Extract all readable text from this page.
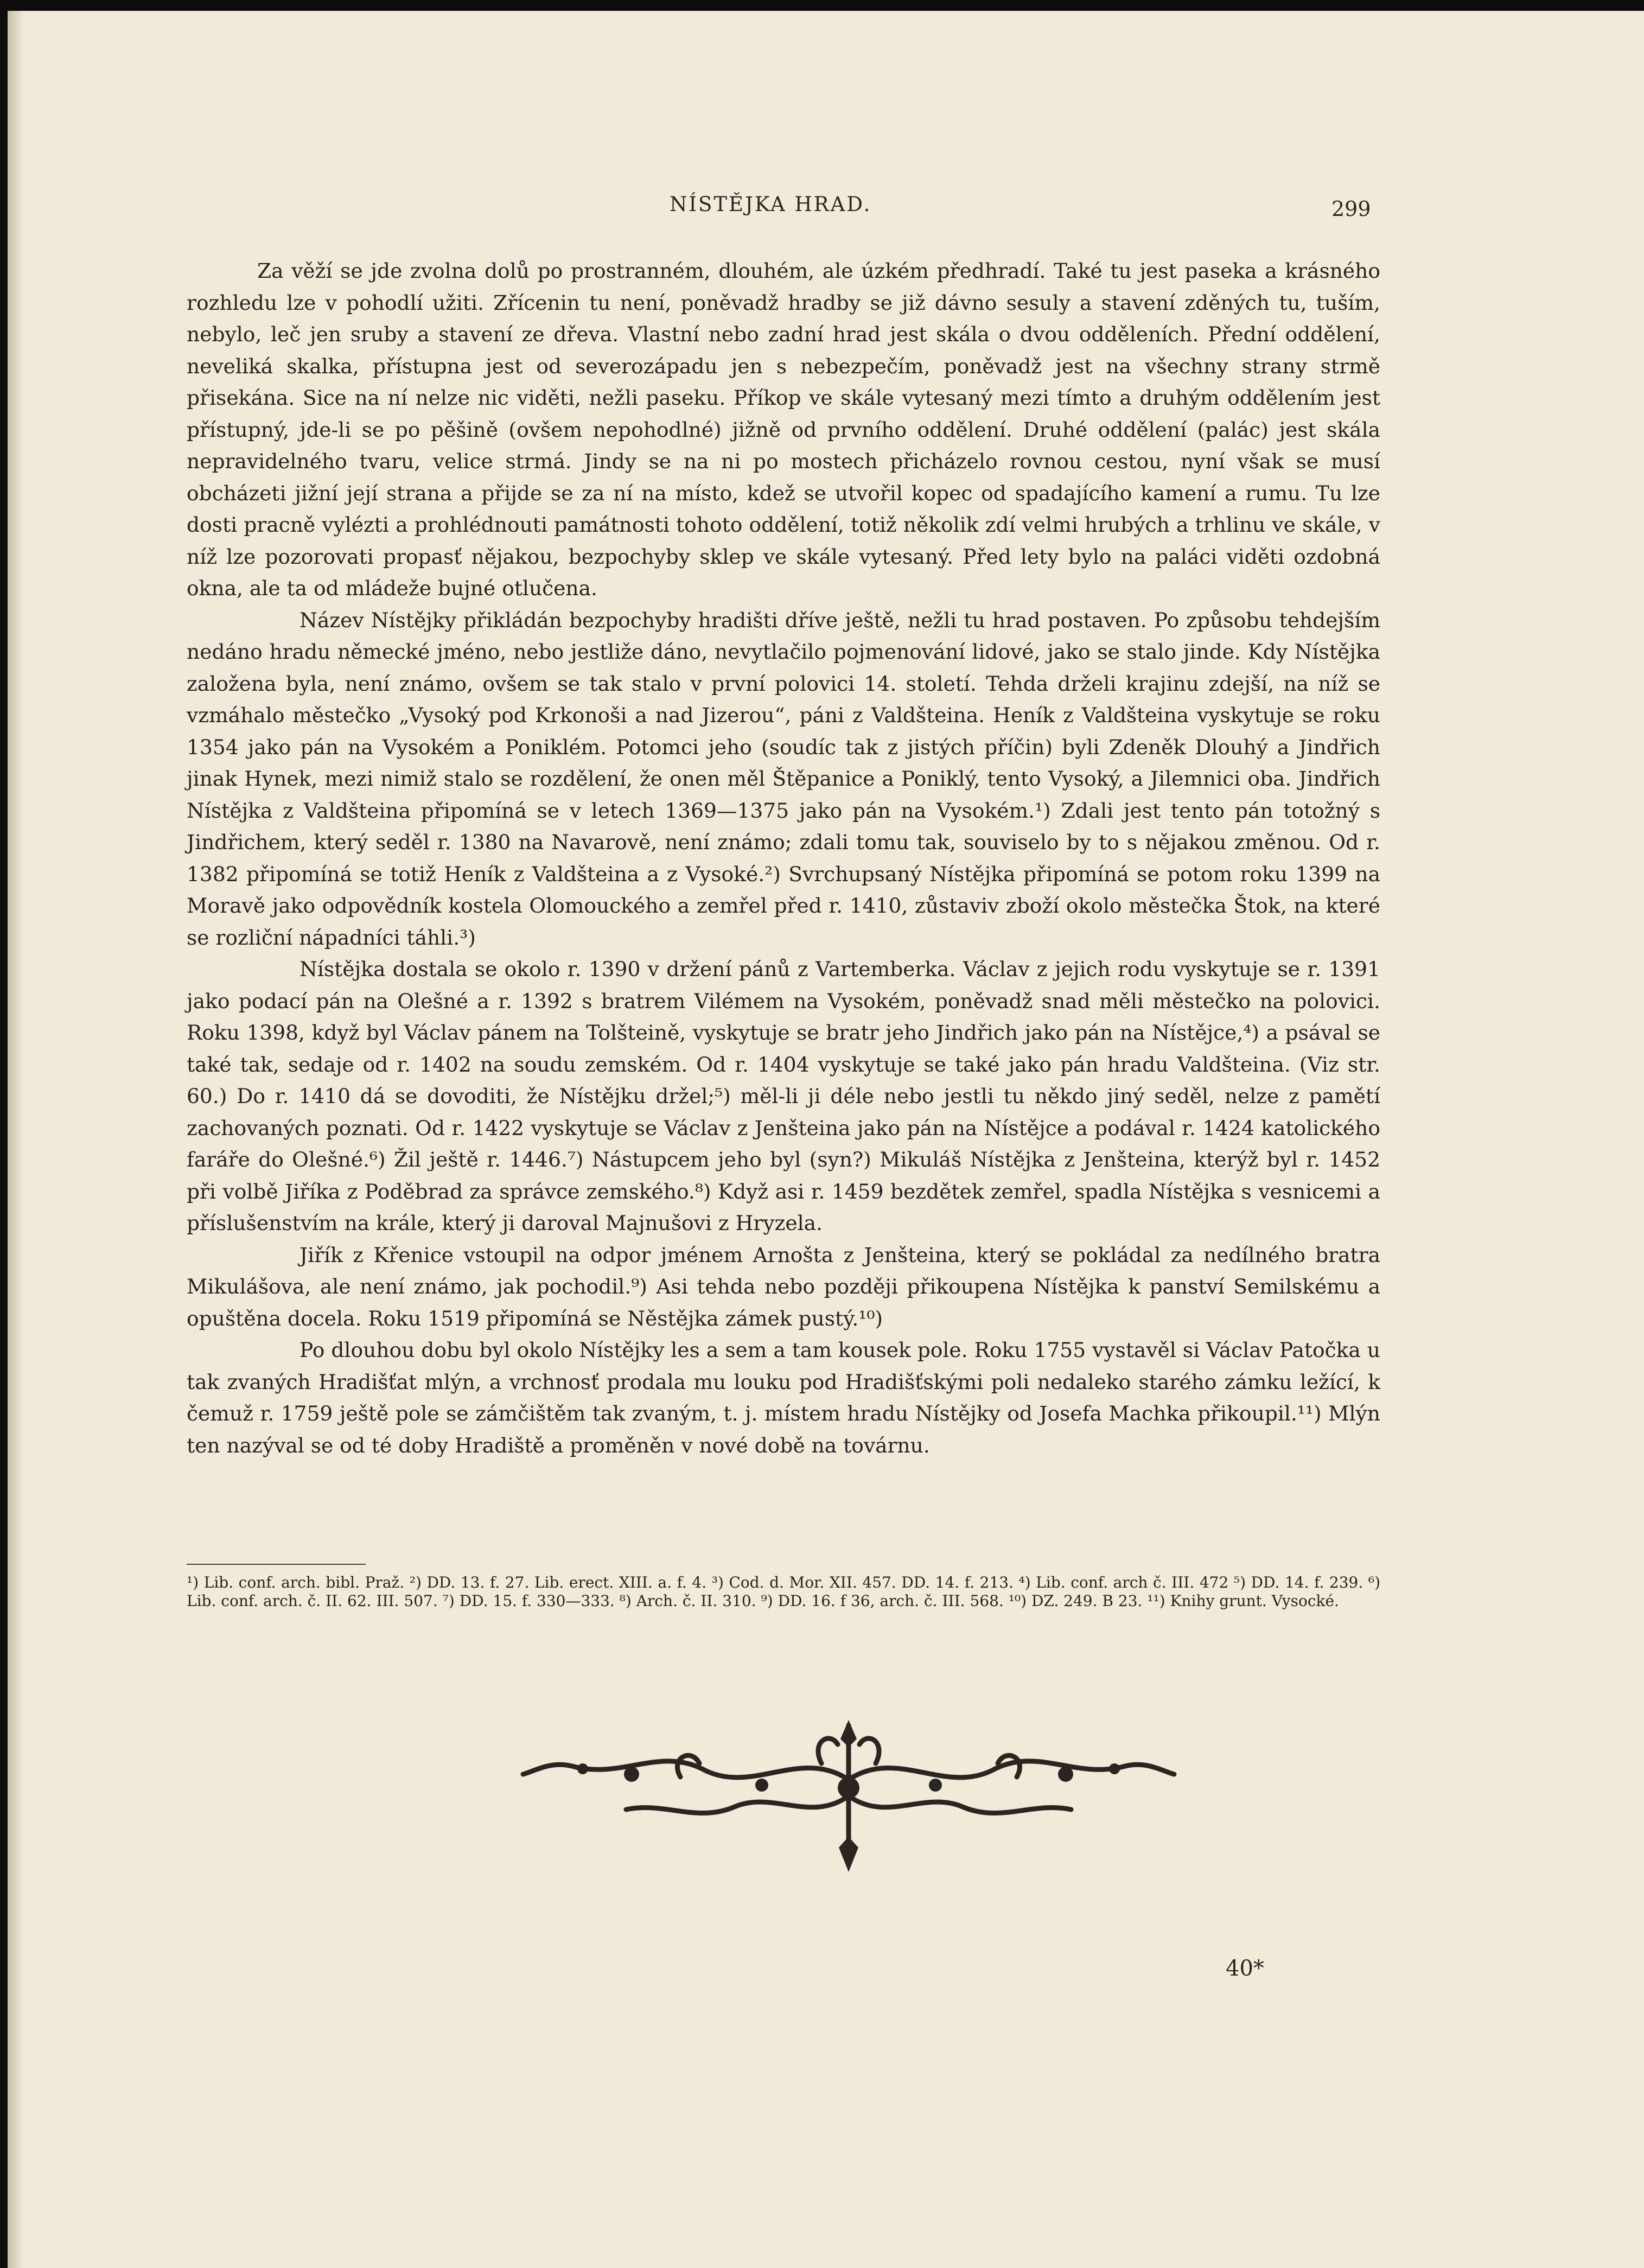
NÍSTĚJKA HRAD.	299

Za věží se jde zvolna dolů po prostranném, dlouhém, ale úzkém předhradí. Také tu jest paseka a krásného rozhledu lze v pohodlí užiti. Zřícenin tu není, poněvadž hradby se již dávno sesuly a stavení zděných tu, tuším, nebylo, leč jen sruby a stavení ze dřeva. Vlastní nebo zadní hrad jest skála o dvou odděleních. Přední oddělení, neveliká skalka, přístupna jest od severozápadu jen s nebezpečím, poněvadž jest na všechny strany strmě přisekána. Sice na ní nelze nic viděti, nežli paseku. Příkop ve skále vytesaný mezi tímto a druhým oddělením jest přístupný, jde-li se po pěšině (ovšem nepohodlné) jižně od prvního oddělení. Druhé oddělení (palác) jest skála nepravidelného tvaru, velice strmá. Jindy se na ni po mostech přicházelo rovnou cestou, nyní však se musí obcházeti jižní její strana a přijde se za ní na místo, kdež se utvořil kopec od spadajícího kamení a rumu. Tu lze dosti pracně vylézti a prohlédnouti památnosti tohoto oddělení, totiž několik zdí velmi hrubých a trhlinu ve skále, v níž lze pozorovati propasť nějakou, bezpochyby sklep ve skále vytesaný. Před lety bylo na paláci viděti ozdobná okna, ale ta od mládeže bujné otlučena.

Název Nístějky přikládán bezpochyby hradišti dříve ještě, nežli tu hrad postaven. Po způsobu tehdejším nedáno hradu německé jméno, nebo jestliže dáno, nevytlačilo pojmenování lidové, jako se stalo jinde. Kdy Nístějka založena byla, není známo, ovšem se tak stalo v první polovici 14. století. Tehda drželi krajinu zdejší, na níž se vzmáhalo městečko „Vysoký pod Krkonoši a nad Jizerou“, páni z Valdšteina. Heník z Valdšteina vyskytuje se roku 1354 jako pán na Vysokém a Poniklém. Potomci jeho (soudíc tak z jistých příčin) byli Zdeněk Dlouhý a Jindřich jinak Hynek, mezi nimiž stalo se rozdělení, že onen měl Štěpanice a Poniklý, tento Vysoký, a Jilemnici oba. Jindřich Nístějka z Valdšteina připomíná se v letech 1369—1375 jako pán na Vysokém.¹) Zdali jest tento pán totožný s Jindřichem, který seděl r. 1380 na Navarově, není známo; zdali tomu tak, souviselo by to s nějakou změnou. Od r. 1382 připomíná se totiž Heník z Valdšteina a z Vysoké.²) Svrchupsaný Nístějka připomíná se potom roku 1399 na Moravě jako odpovědník kostela Olomouckého a zemřel před r. 1410, zůstaviv zboží okolo městečka Štok, na které se rozliční nápadníci táhli.³)

Nístějka dostala se okolo r. 1390 v držení pánů z Vartemberka. Václav z jejich rodu vyskytuje se r. 1391 jako podací pán na Olešné a r. 1392 s bratrem Vilémem na Vysokém, poněvadž snad měli městečko na polovici. Roku 1398, když byl Václav pánem na Tolšteině, vyskytuje se bratr jeho Jindřich jako pán na Nístějce,⁴) a psával se také tak, sedaje od r. 1402 na soudu zemském. Od r. 1404 vyskytuje se také jako pán hradu Valdšteina. (Viz str. 60.) Do r. 1410 dá se dovoditi, že Nístějku držel;⁵) měl-li ji déle nebo jestli tu někdo jiný seděl, nelze z pamětí zachovaných poznati. Od r. 1422 vyskytuje se Václav z Jenšteina jako pán na Nístějce a podával r. 1424 katolického faráře do Olešné.⁶) Žil ještě r. 1446.⁷) Nástupcem jeho byl (syn?) Mikuláš Nístějka z Jenšteina, kterýž byl r. 1452 při volbě Jiříka z Poděbrad za správce zemského.⁸) Když asi r. 1459 bezdětek zemřel, spadla Nístějka s vesnicemi a příslušenstvím na krále, který ji daroval Majnušovi z Hryzela.

Jiřík z Křenice vstoupil na odpor jménem Arnošta z Jenšteina, který se pokládal za nedílného bratra Mikulášova, ale není známo, jak pochodil.⁹) Asi tehda nebo později přikoupena Nístějka k panství Semilskému a opuštěna docela. Roku 1519 připomíná se Něstějka zámek pustý.¹⁰)

Po dlouhou dobu byl okolo Nístějky les a sem a tam kousek pole. Roku 1755 vystavěl si Václav Patočka u tak zvaných Hradišťat mlýn, a vrchnosť prodala mu louku pod Hradišťskými poli nedaleko starého zámku ležící, k čemuž r. 1759 ještě pole se zámčištěm tak zvaným, t. j. místem hradu Nístějky od Josefa Machka přikoupil.¹¹) Mlýn ten nazýval se od té doby Hradiště a proměněn v nové době na továrnu.

¹) Lib. conf. arch. bibl. Praž. ²) DD. 13. f. 27. Lib. erect. XIII. a. f. 4. ³) Cod. d. Mor. XII. 457. DD. 14. f. 213. ⁴) Lib. conf. arch č. III. 472 ⁵) DD. 14. f. 239. ⁶) Lib. conf. arch. č. II. 62. III. 507. ⁷) DD. 15. f. 330—333. ⁸) Arch. č. II. 310. ⁹) DD. 16. f 36, arch. č. III. 568. ¹⁰) DZ. 249. B 23. ¹¹) Knihy grunt. Vysocké.
40*
